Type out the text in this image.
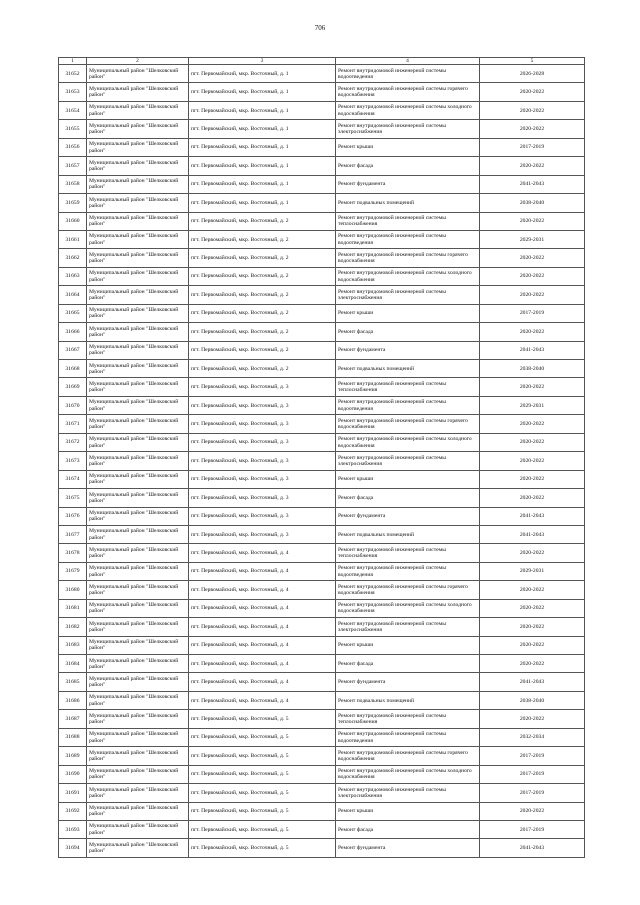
706
1	2	3	4	5
31652	Муниципальный район "Шелковский район"	пгт. Первомайский, мкр. Восточный, д. 1	Ремонт внутридомовой инженерной системы водоотведения	2026-2028
31653	Муниципальный район "Шелковский район"	пгт. Первомайский, мкр. Восточный, д. 1	Ремонт внутридомовой инженерной системы горячего водоснабжения	2020-2022
31654	Муниципальный район "Шелковский район"	пгт. Первомайский, мкр. Восточный, д. 1	Ремонт внутридомовой инженерной системы холодного водоснабжения	2020-2022
31655	Муниципальный район "Шелковский район"	пгт. Первомайский, мкр. Восточный, д. 1	Ремонт внутридомовой инженерной системы электроснабжения	2020-2022
31656	Муниципальный район "Шелковский район"	пгт. Первомайский, мкр. Восточный, д. 1	Ремонт крыши	2017-2019
31657	Муниципальный район "Шелковский район"	пгт. Первомайский, мкр. Восточный, д. 1	Ремонт фасада	2020-2022
31658	Муниципальный район "Шелковский район"	пгт. Первомайский, мкр. Восточный, д. 1	Ремонт фундамента	2041-2043
31659	Муниципальный район "Шелковский район"	пгт. Первомайский, мкр. Восточный, д. 1	Ремонт подвальных помещений	2038-2040
31660	Муниципальный район "Шелковский район"	пгт. Первомайский, мкр. Восточный, д. 2	Ремонт внутридомовой инженерной системы теплоснабжения	2020-2022
31661	Муниципальный район "Шелковский район"	пгт. Первомайский, мкр. Восточный, д. 2	Ремонт внутридомовой инженерной системы водоотведения	2029-2031
31662	Муниципальный район "Шелковский район"	пгт. Первомайский, мкр. Восточный, д. 2	Ремонт внутридомовой инженерной системы горячего водоснабжения	2020-2022
31663	Муниципальный район "Шелковский район"	пгт. Первомайский, мкр. Восточный, д. 2	Ремонт внутридомовой инженерной системы холодного водоснабжения	2020-2022
31664	Муниципальный район "Шелковский район"	пгт. Первомайский, мкр. Восточный, д. 2	Ремонт внутридомовой инженерной системы электроснабжения	2020-2022
31665	Муниципальный район "Шелковский район"	пгт. Первомайский, мкр. Восточный, д. 2	Ремонт крыши	2017-2019
31666	Муниципальный район "Шелковский район"	пгт. Первомайский, мкр. Восточный, д. 2	Ремонт фасада	2020-2022
31667	Муниципальный район "Шелковский район"	пгт. Первомайский, мкр. Восточный, д. 2	Ремонт фундамента	2041-2043
31668	Муниципальный район "Шелковский район"	пгт. Первомайский, мкр. Восточный, д. 2	Ремонт подвальных помещений	2038-2040
31669	Муниципальный район "Шелковский район"	пгт. Первомайский, мкр. Восточный, д. 3	Ремонт внутридомовой инженерной системы теплоснабжения	2020-2022
31670	Муниципальный район "Шелковский район"	пгт. Первомайский, мкр. Восточный, д. 3	Ремонт внутридомовой инженерной системы водоотведения	2029-2031
31671	Муниципальный район "Шелковский район"	пгт. Первомайский, мкр. Восточный, д. 3	Ремонт внутридомовой инженерной системы горячего водоснабжения	2020-2022
31672	Муниципальный район "Шелковский район"	пгт. Первомайский, мкр. Восточный, д. 3	Ремонт внутридомовой инженерной системы холодного водоснабжения	2020-2022
31673	Муниципальный район "Шелковский район"	пгт. Первомайский, мкр. Восточный, д. 3	Ремонт внутридомовой инженерной системы электроснабжения	2020-2022
31674	Муниципальный район "Шелковский район"	пгт. Первомайский, мкр. Восточный, д. 3	Ремонт крыши	2020-2022
31675	Муниципальный район "Шелковский район"	пгт. Первомайский, мкр. Восточный, д. 3	Ремонт фасада	2020-2022
31676	Муниципальный район "Шелковский район"	пгт. Первомайский, мкр. Восточный, д. 3	Ремонт фундамента	2041-2043
31677	Муниципальный район "Шелковский район"	пгт. Первомайский, мкр. Восточный, д. 3	Ремонт подвальных помещений	2041-2043
31678	Муниципальный район "Шелковский район"	пгт. Первомайский, мкр. Восточный, д. 4	Ремонт внутридомовой инженерной системы теплоснабжения	2020-2022
31679	Муниципальный район "Шелковский район"	пгт. Первомайский, мкр. Восточный, д. 4	Ремонт внутридомовой инженерной системы водоотведения	2029-2031
31680	Муниципальный район "Шелковский район"	пгт. Первомайский, мкр. Восточный, д. 4	Ремонт внутридомовой инженерной системы горячего водоснабжения	2020-2022
31681	Муниципальный район "Шелковский район"	пгт. Первомайский, мкр. Восточный, д. 4	Ремонт внутридомовой инженерной системы холодного водоснабжения	2020-2022
31682	Муниципальный район "Шелковский район"	пгт. Первомайский, мкр. Восточный, д. 4	Ремонт внутридомовой инженерной системы электроснабжения	2020-2022
31683	Муниципальный район "Шелковский район"	пгт. Первомайский, мкр. Восточный, д. 4	Ремонт крыши	2020-2022
31684	Муниципальный район "Шелковский район"	пгт. Первомайский, мкр. Восточный, д. 4	Ремонт фасада	2020-2022
31685	Муниципальный район "Шелковский район"	пгт. Первомайский, мкр. Восточный, д. 4	Ремонт фундамента	2041-2043
31686	Муниципальный район "Шелковский район"	пгт. Первомайский, мкр. Восточный, д. 4	Ремонт подвальных помещений	2038-2040
31687	Муниципальный район "Шелковский район"	пгт. Первомайский, мкр. Восточный, д. 5	Ремонт внутридомовой инженерной системы теплоснабжения	2020-2022
31688	Муниципальный район "Шелковский район"	пгт. Первомайский, мкр. Восточный, д. 5	Ремонт внутридомовой инженерной системы водоотведения	2032-2034
31689	Муниципальный район "Шелковский район"	пгт. Первомайский, мкр. Восточный, д. 5	Ремонт внутридомовой инженерной системы горячего водоснабжения	2017-2019
31690	Муниципальный район "Шелковский район"	пгт. Первомайский, мкр. Восточный, д. 5	Ремонт внутридомовой инженерной системы холодного водоснабжения	2017-2019
31691	Муниципальный район "Шелковский район"	пгт. Первомайский, мкр. Восточный, д. 5	Ремонт внутридомовой инженерной системы электроснабжения	2017-2019
31692	Муниципальный район "Шелковский район"	пгт. Первомайский, мкр. Восточный, д. 5	Ремонт крыши	2020-2022
31693	Муниципальный район "Шелковский район"	пгт. Первомайский, мкр. Восточный, д. 5	Ремонт фасада	2017-2019
31694	Муниципальный район "Шелковский район"	пгт. Первомайский, мкр. Восточный, д. 5	Ремонт фундамента	2041-2043
